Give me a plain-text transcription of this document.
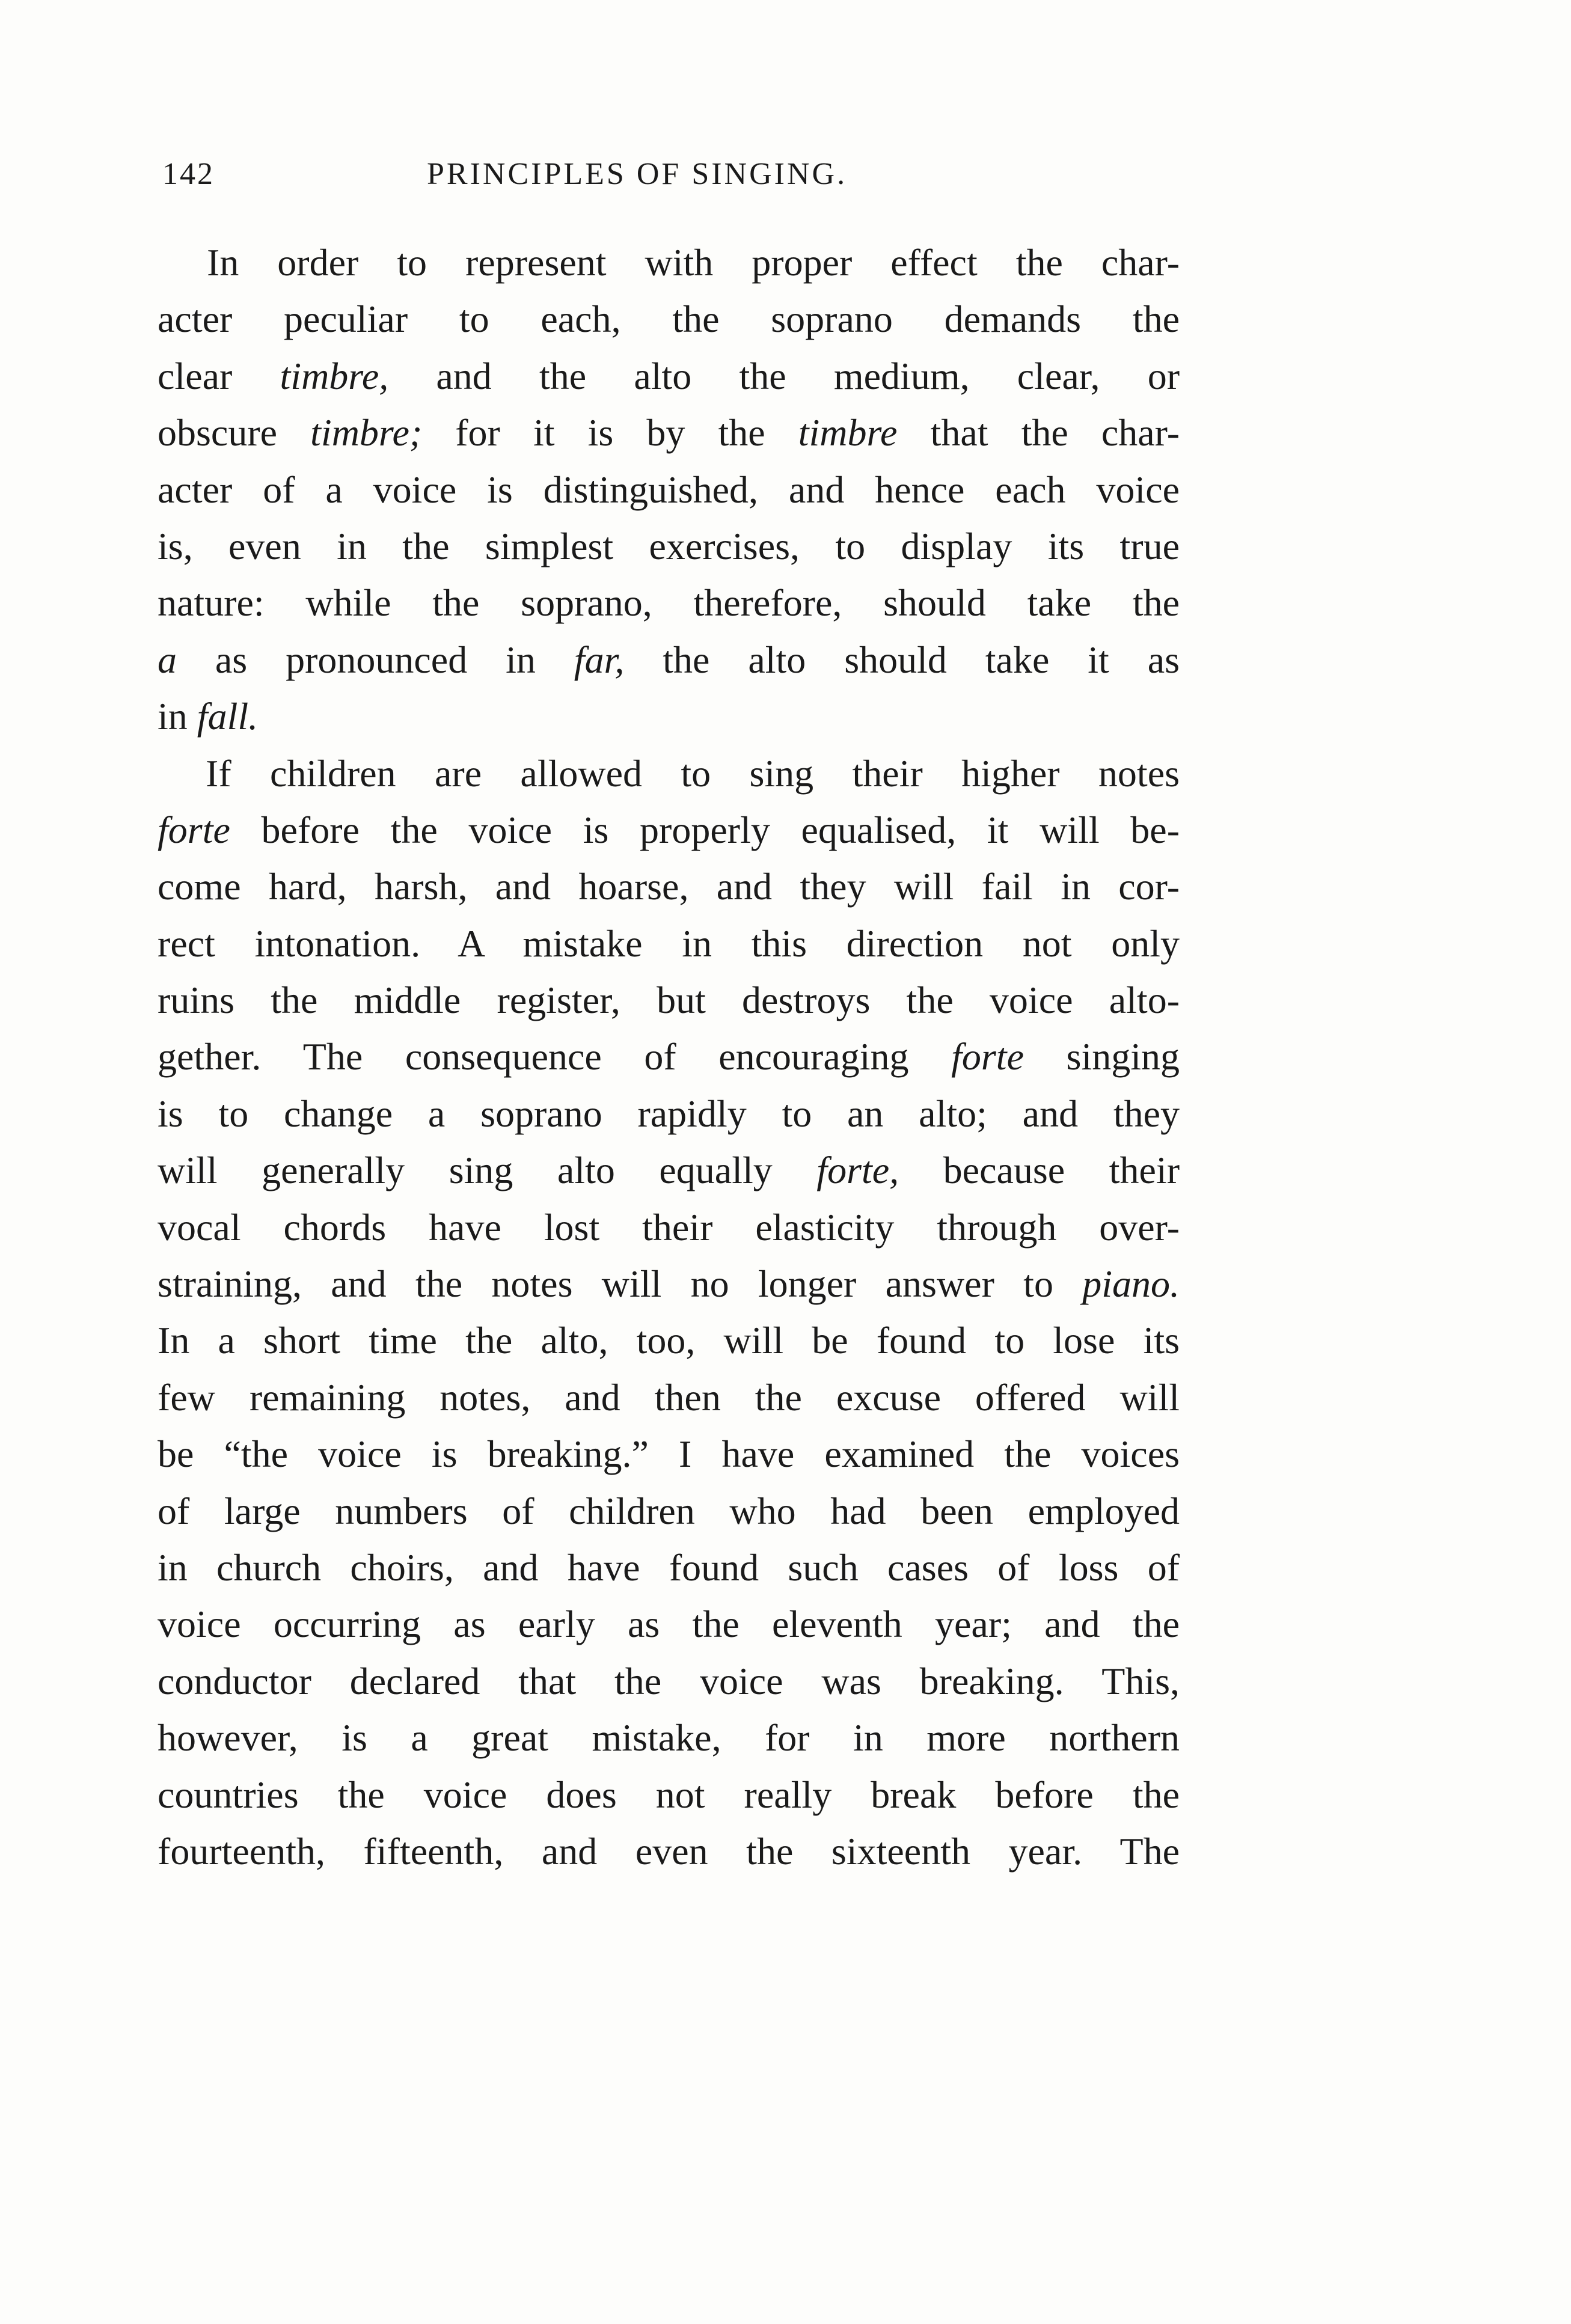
142	PRINCIPLES OF SINGING.
In order to represent with proper effect the char-
acter peculiar to each, the soprano demands the
clear timbre, and the alto the medium, clear, or
obscure timbre; for it is by the timbre that the char-
acter of a voice is distinguished, and hence each voice
is, even in the simplest exercises, to display its true
nature: while the soprano, therefore, should take the
a as pronounced in far, the alto should take it as
in fall.
If children are allowed to sing their higher notes
forte before the voice is properly equalised, it will be-
come hard, harsh, and hoarse, and they will fail in cor-
rect intonation. A mistake in this direction not only
ruins the middle register, but destroys the voice alto-
gether. The consequence of encouraging forte singing
is to change a soprano rapidly to an alto; and they
will generally sing alto equally forte, because their
vocal chords have lost their elasticity through over-
straining, and the notes will no longer answer to piano.
In a short time the alto, too, will be found to lose its
few remaining notes, and then the excuse offered will
be “the voice is breaking.” I have examined the voices
of large numbers of children who had been employed
in church choirs, and have found such cases of loss of
voice occurring as early as the eleventh year; and the
conductor declared that the voice was breaking. This,
however, is a great mistake, for in more northern
countries the voice does not really break before the
fourteenth, fifteenth, and even the sixteenth year. The
